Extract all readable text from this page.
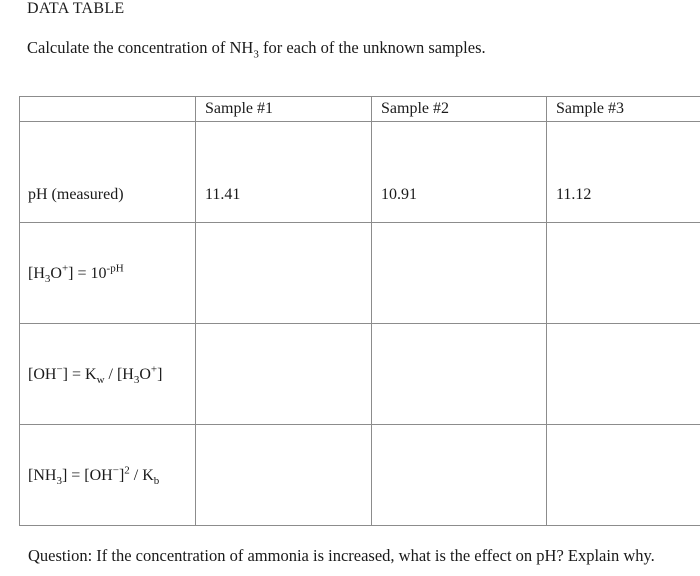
DATA TABLE
Calculate the concentration of $NH_3$ for each of the unknown samples.

	Sample #1	Sample #2	Sample #3

pH (measured)	11.41	10.91	11.12

$[H_3O^+] = 10^{-pH}$

$[OH^-] = K_w / [H_3O^+]$			

$[NH_3] = [OH^-]^2 / K_b$

Question: If the concentration of ammonia is increased, what is the effect on pH? Explain why.
